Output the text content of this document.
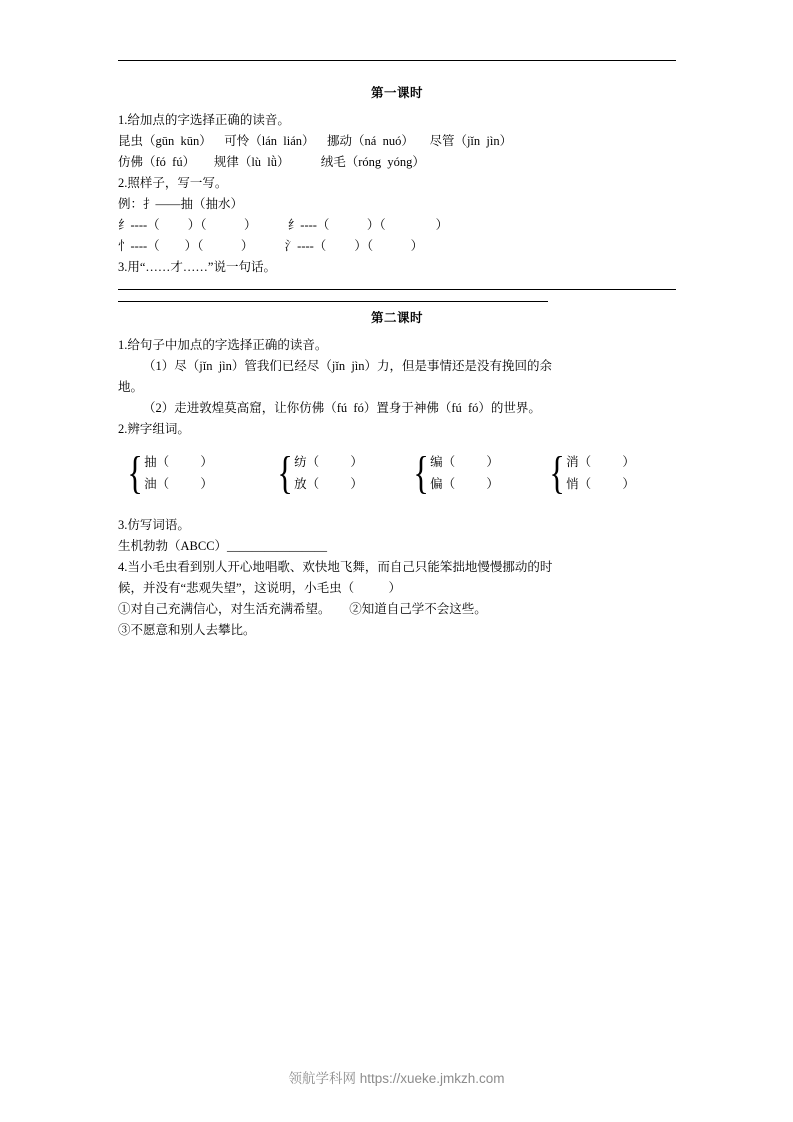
第一课时

1.给加点的字选择正确的读音。

昆虫（gūn  kūn）    可怜（lán  lián）    挪动（ná  nuó）     尽管（jǐn  jìn）

仿佛（fó  fú）      规律（lù  lǜ）          绒毛（róng  yóng）

2.照样子，写一写。

例：扌——抽（抽水）

纟----（         ）（            ）          纟----（            ）（                ）

忄----（        ）（            ）          氵----（         ）（            ）

3.用“……才……”说一句话。

第二课时

1.给句子中加点的字选择正确的读音。

（1）尽（jǐn  jìn）管我们已经尽（jǐn  jìn）力，但是事情还是没有挽回的余

地。

（2）走进敦煌莫高窟，让你仿佛（fú  fó）置身于神佛（fú  fó）的世界。

2.辨字组词。

{ 抽（          ）
油（          ） { 纺（          ）
放（          ） { 编（          ）
偏（          ） { 消（          ）
悄（          ）

3.仿写词语。

生机勃勃（ABCC）________________

4.当小毛虫看到别人开心地唱歌、欢快地飞舞，而自己只能笨拙地慢慢挪动的时

候，并没有“悲观失望”，这说明，小毛虫（           ）

①对自己充满信心，对生活充满希望。      ②知道自己学不会这些。

③不愿意和别人去攀比。

领航学科网 https://xueke.jmkzh.com
